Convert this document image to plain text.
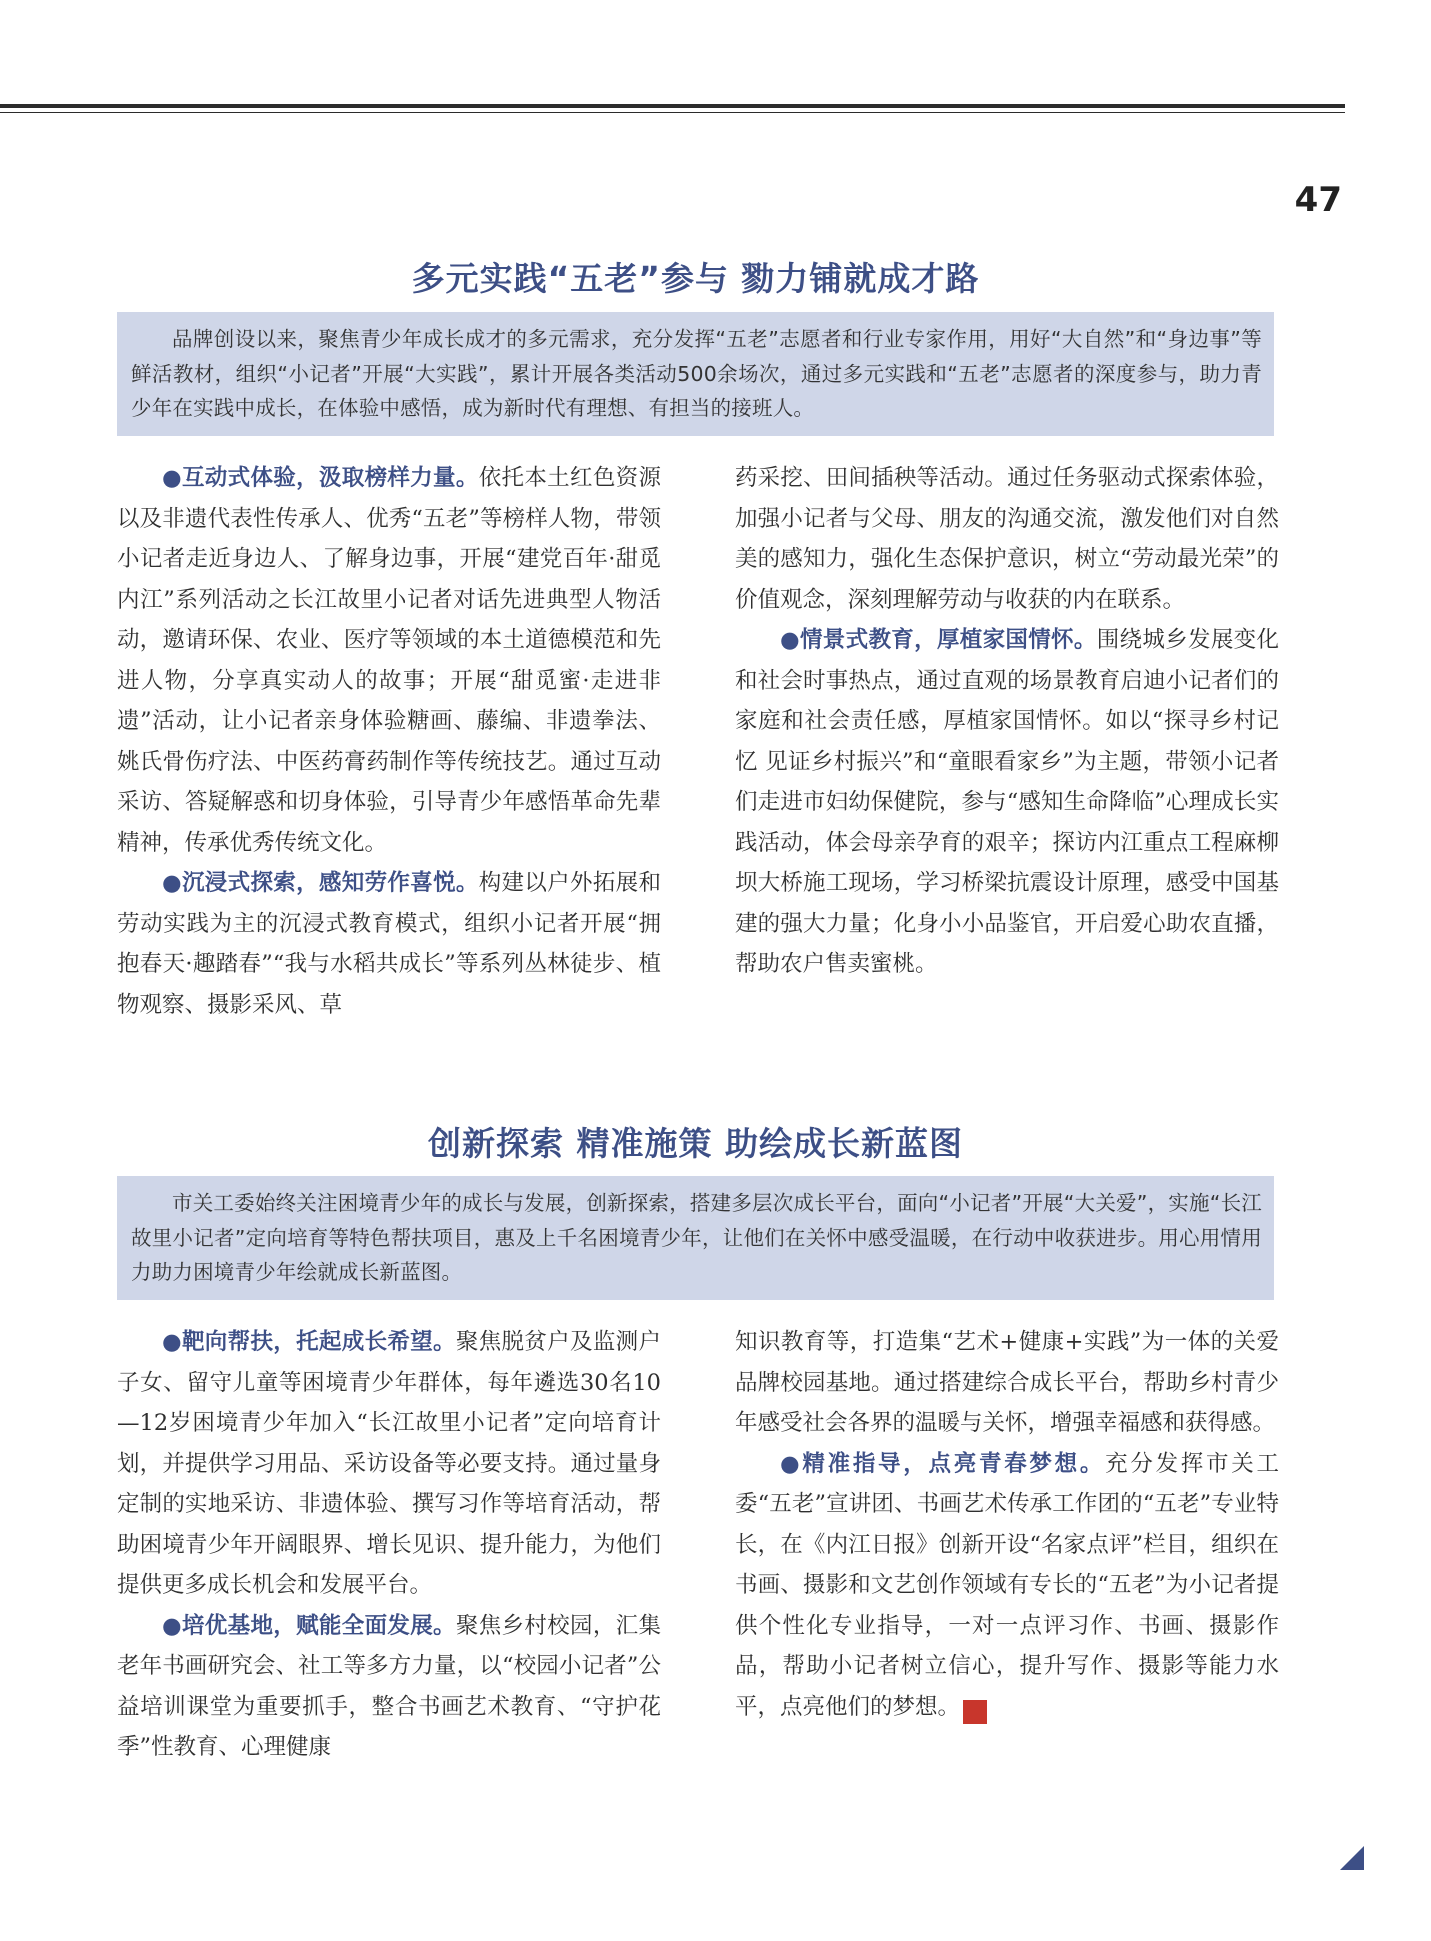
47
多元实践“五老”参与 勠力铺就成才路
品牌创设以来，聚焦青少年成长成才的多元需求，充分发挥“五老”志愿者和行业专家作用，用好“大自然”和“身边事”等鲜活教材，组织“小记者”开展“大实践”，累计开展各类活动500余场次，通过多元实践和“五老”志愿者的深度参与，助力青少年在实践中成长，在体验中感悟，成为新时代有理想、有担当的接班人。

●互动式体验，汲取榜样力量。依托本土红色资源以及非遗代表性传承人、优秀“五老”等榜样人物，带领小记者走近身边人、了解身边事，开展“建党百年·甜觅内江”系列活动之长江故里小记者对话先进典型人物活动，邀请环保、农业、医疗等领域的本土道德模范和先进人物，分享真实动人的故事；开展“甜觅蜜·走进非遗”活动，让小记者亲身体验糖画、藤编、非遗拳法、姚氏骨伤疗法、中医药膏药制作等传统技艺。通过互动采访、答疑解惑和切身体验，引导青少年感悟革命先辈精神，传承优秀传统文化。

●沉浸式探索，感知劳作喜悦。构建以户外拓展和劳动实践为主的沉浸式教育模式，组织小记者开展“拥抱春天·趣踏春”“我与水稻共成长”等系列丛林徒步、植物观察、摄影采风、草

药采挖、田间插秧等活动。通过任务驱动式探索体验，加强小记者与父母、朋友的沟通交流，激发他们对自然美的感知力，强化生态保护意识，树立“劳动最光荣”的价值观念，深刻理解劳动与收获的内在联系。

●情景式教育，厚植家国情怀。围绕城乡发展变化和社会时事热点，通过直观的场景教育启迪小记者们的家庭和社会责任感，厚植家国情怀。如以“探寻乡村记忆 见证乡村振兴”和“童眼看家乡”为主题，带领小记者们走进市妇幼保健院，参与“感知生命降临”心理成长实践活动，体会母亲孕育的艰辛；探访内江重点工程麻柳坝大桥施工现场，学习桥梁抗震设计原理，感受中国基建的强大力量；化身小小品鉴官，开启爱心助农直播，帮助农户售卖蜜桃。

创新探索 精准施策 助绘成长新蓝图
市关工委始终关注困境青少年的成长与发展，创新探索，搭建多层次成长平台，面向“小记者”开展“大关爱”，实施“长江故里小记者”定向培育等特色帮扶项目，惠及上千名困境青少年，让他们在关怀中感受温暖，在行动中收获进步。用心用情用力助力困境青少年绘就成长新蓝图。

●靶向帮扶，托起成长希望。聚焦脱贫户及监测户子女、留守儿童等困境青少年群体，每年遴选30名10—12岁困境青少年加入“长江故里小记者”定向培育计划，并提供学习用品、采访设备等必要支持。通过量身定制的实地采访、非遗体验、撰写习作等培育活动，帮助困境青少年开阔眼界、增长见识、提升能力，为他们提供更多成长机会和发展平台。

●培优基地，赋能全面发展。聚焦乡村校园，汇集老年书画研究会、社工等多方力量，以“校园小记者”公益培训课堂为重要抓手，整合书画艺术教育、“守护花季”性教育、心理健康

知识教育等，打造集“艺术+健康+实践”为一体的关爱品牌校园基地。通过搭建综合成长平台，帮助乡村青少年感受社会各界的温暖与关怀，增强幸福感和获得感。

●精准指导，点亮青春梦想。充分发挥市关工委“五老”宣讲团、书画艺术传承工作团的“五老”专业特长，在《内江日报》创新开设“名家点评”栏目，组织在书画、摄影和文艺创作领域有专长的“五老”为小记者提供个性化专业指导，一对一点评习作、书画、摄影作品，帮助小记者树立信心，提升写作、摄影等能力水平，点亮他们的梦想。	关
